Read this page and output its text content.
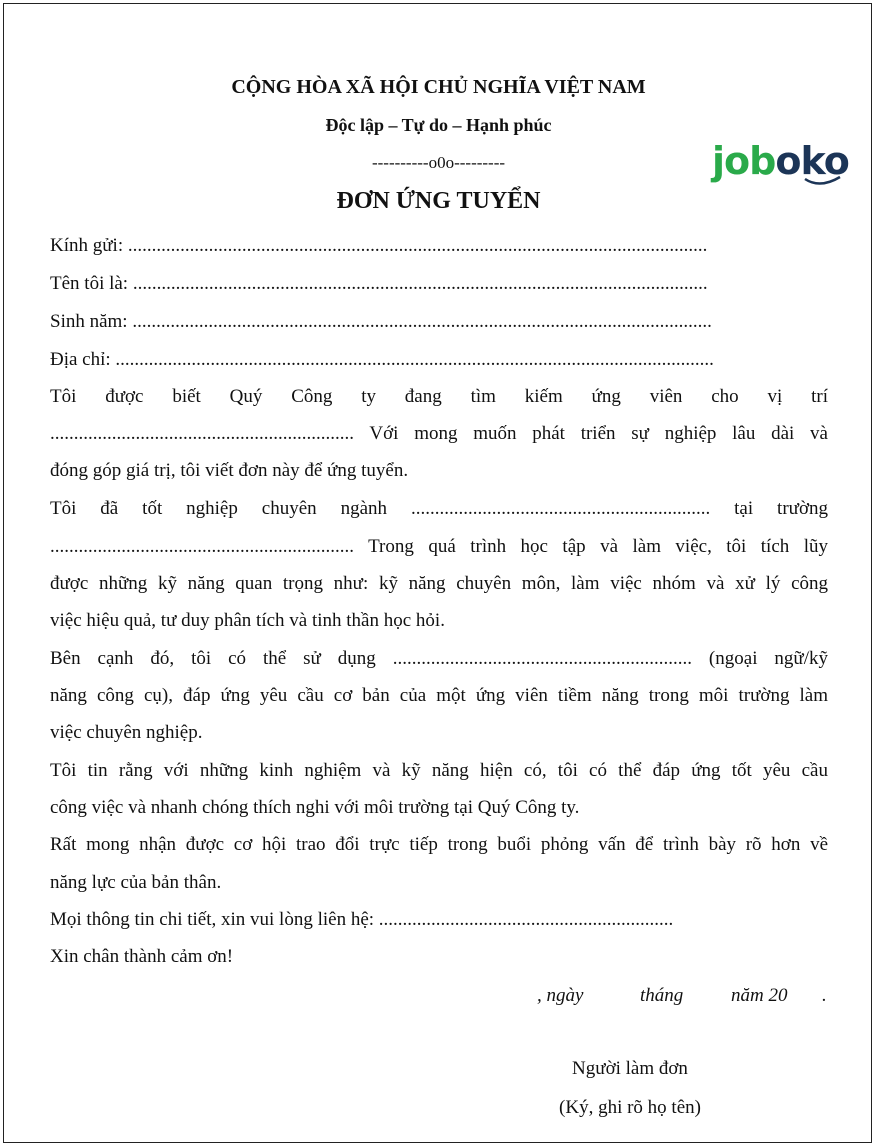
CỘNG HÒA XÃ HỘI CHỦ NGHĨA VIỆT NAM
Độc lập – Tự do – Hạnh phúc
----------o0o---------
ĐƠN ỨNG TUYỂN
joboko
Kính gửi: ..........................................................................................................................
Tên tôi là: .........................................................................................................................
Sinh năm: ..........................................................................................................................
Địa chỉ: ..............................................................................................................................
Tôi được biết Quý Công ty đang tìm kiếm ứng viên cho vị trí
................................................................ Với mong muốn phát triển sự nghiệp lâu dài và
đóng góp giá trị, tôi viết đơn này để ứng tuyển.
Tôi đã tốt nghiệp chuyên ngành ............................................................... tại trường
................................................................ Trong quá trình học tập và làm việc, tôi tích lũy
được những kỹ năng quan trọng như: kỹ năng chuyên môn, làm việc nhóm và xử lý công
việc hiệu quả, tư duy phân tích và tinh thần học hỏi.
Bên cạnh đó, tôi có thể sử dụng ............................................................... (ngoại ngữ/kỹ
năng công cụ), đáp ứng yêu cầu cơ bản của một ứng viên tiềm năng trong môi trường làm
việc chuyên nghiệp.
Tôi tin rằng với những kinh nghiệm và kỹ năng hiện có, tôi có thể đáp ứng tốt yêu cầu
công việc và nhanh chóng thích nghi với môi trường tại Quý Công ty.
Rất mong nhận được cơ hội trao đổi trực tiếp trong buổi phỏng vấn để trình bày rõ hơn về
năng lực của bản thân.
Mọi thông tin chi tiết, xin vui lòng liên hệ: ..............................................................
Xin chân thành cảm ơn!
, ngày	tháng	năm 20 .
Người làm đơn
(Ký, ghi rõ họ tên)
